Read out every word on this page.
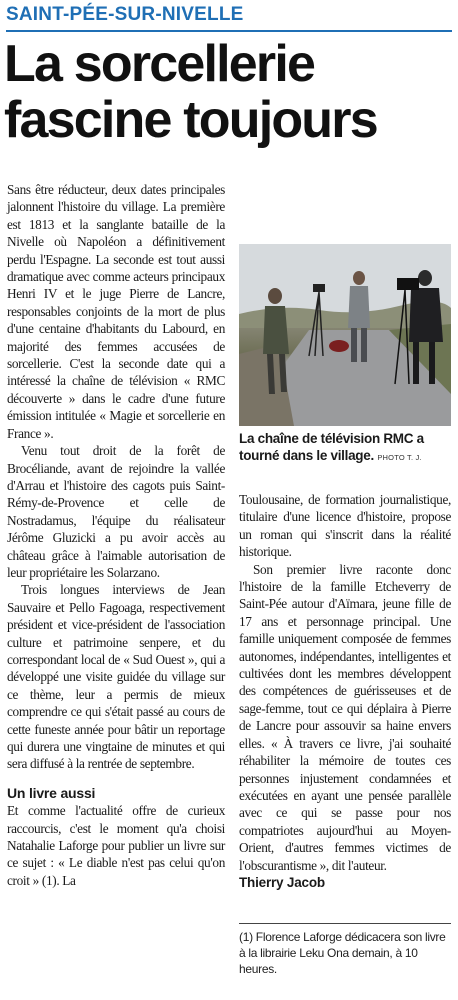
SAINT-PÉE-SUR-NIVELLE
La sorcellerie fascine toujours

Sans être réducteur, deux dates principales jalonnent l'histoire du village. La première est 1813 et la sanglante bataille de la Nivelle où Napoléon a définitivement perdu l'Espagne. La seconde est tout aussi dramatique avec comme acteurs principaux Henri IV et le juge Pierre de Lancre, responsables conjoints de la mort de plus d'une centaine d'habitants du Labourd, en majorité des femmes accusées de sorcellerie. C'est la seconde date qui a intéressé la chaîne de télévision « RMC découverte » dans le cadre d'une future émission intitulée « Magie et sorcellerie en France ».

Venu tout droit de la forêt de Brocéliande, avant de rejoindre la vallée d'Arrau et l'histoire des cagots puis Saint-Rémy-de-Provence et celle de Nostradamus, l'équipe du réalisateur Jérôme Gluzicki a pu avoir accès au château grâce à l'aimable autorisation de leur propriétaire les Solarzano.

Trois longues interviews de Jean Sauvaire et Pello Fagoaga, respectivement président et vice-président de l'association culture et patrimoine senpere, et du correspondant local de « Sud Ouest », qui a développé une visite guidée du village sur ce thème, leur a permis de mieux comprendre ce qui s'était passé au cours de cette funeste année pour bâtir un reportage qui durera une vingtaine de minutes et qui sera diffusé à la rentrée de septembre.

Un livre aussi

Et comme l'actualité offre de curieux raccourcis, c'est le moment qu'a choisi Natahalie Laforge pour publier un livre sur ce sujet : « Le diable n'est pas celui qu'on croit » (1). La

La chaîne de télévision RMC a tourné dans le village. PHOTO T. J.

Toulousaine, de formation journalistique, titulaire d'une licence d'histoire, propose un roman qui s'inscrit dans la réalité historique.

Son premier livre raconte donc l'histoire de la famille Etcheverry de Saint-Pée autour d'Aïmara, jeune fille de 17 ans et personnage principal. Une famille uniquement composée de femmes autonomes, indépendantes, intelligentes et cultivées dont les membres développent des compétences de guérisseuses et de sage-femme, tout ce qui déplaira à Pierre de Lancre pour assouvir sa haine envers elles. « À travers ce livre, j'ai souhaité réhabiliter la mémoire de toutes ces personnes injustement condamnées et exécutées en ayant une pensée parallèle avec ce qui se passe pour nos compatriotes aujourd'hui au Moyen-Orient, d'autres femmes victimes de l'obscurantisme », dit l'auteur.

Thierry Jacob

(1) Florence Laforge dédicacera son livre à la librairie Leku Ona demain, à 10 heures.
